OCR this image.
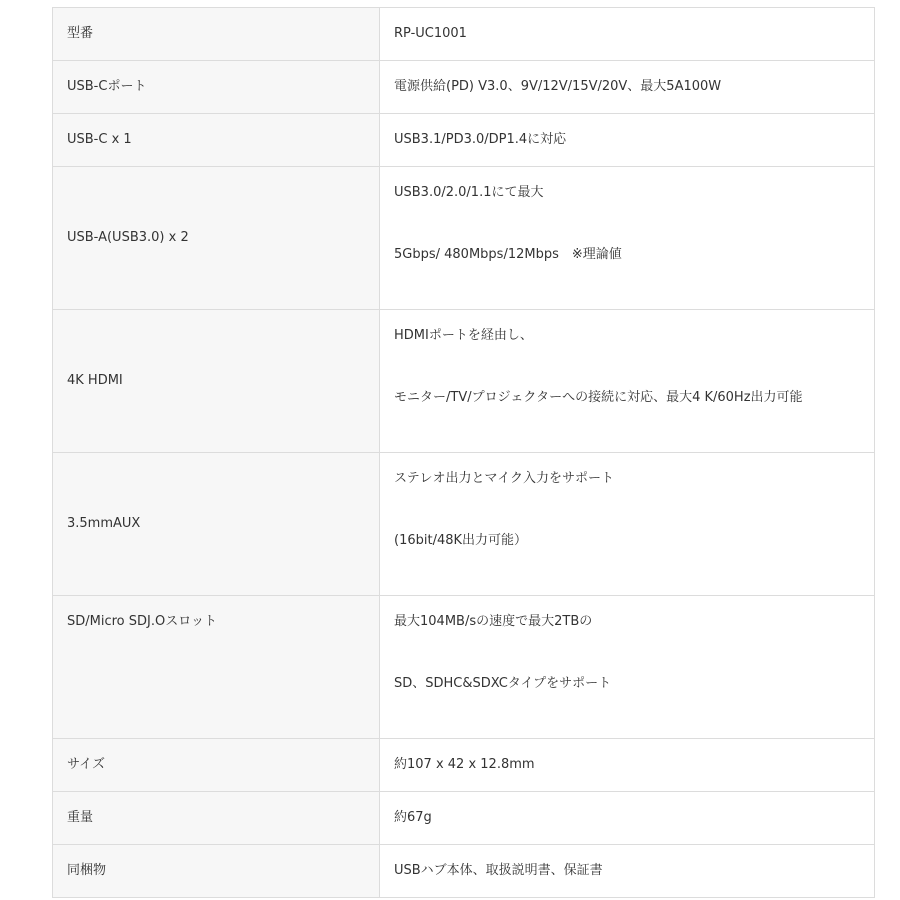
型番	RP-UC1001
USB-Cポート	電源供給(PD) V3.0、9V/12V/15V/20V、最大5A100W
USB-C x 1	USB3.1/PD3.0/DP1.4に対応
USB-A(USB3.0) x 2	USB3.0/2.0/1.1にて最大
5Gbps/ 480Mbps/12Mbps　※理論値

4K HDMI	HDMIポートを経由し、
モニター/TV/プロジェクターへの接続に対応、最大4 K/60Hz出力可能

3.5mmAUX	ステレオ出力とマイク入力をサポート
(16bit/48K出力可能）

SD/Micro SDJ.Oスロット	最大104MB/sの速度で最大2TBの
SD、SDHC&SDXCタイプをサポート

サイズ	約107 x 42 x 12.8mm
重量	約67g
同梱物	USBハブ本体、取扱説明書、保証書
